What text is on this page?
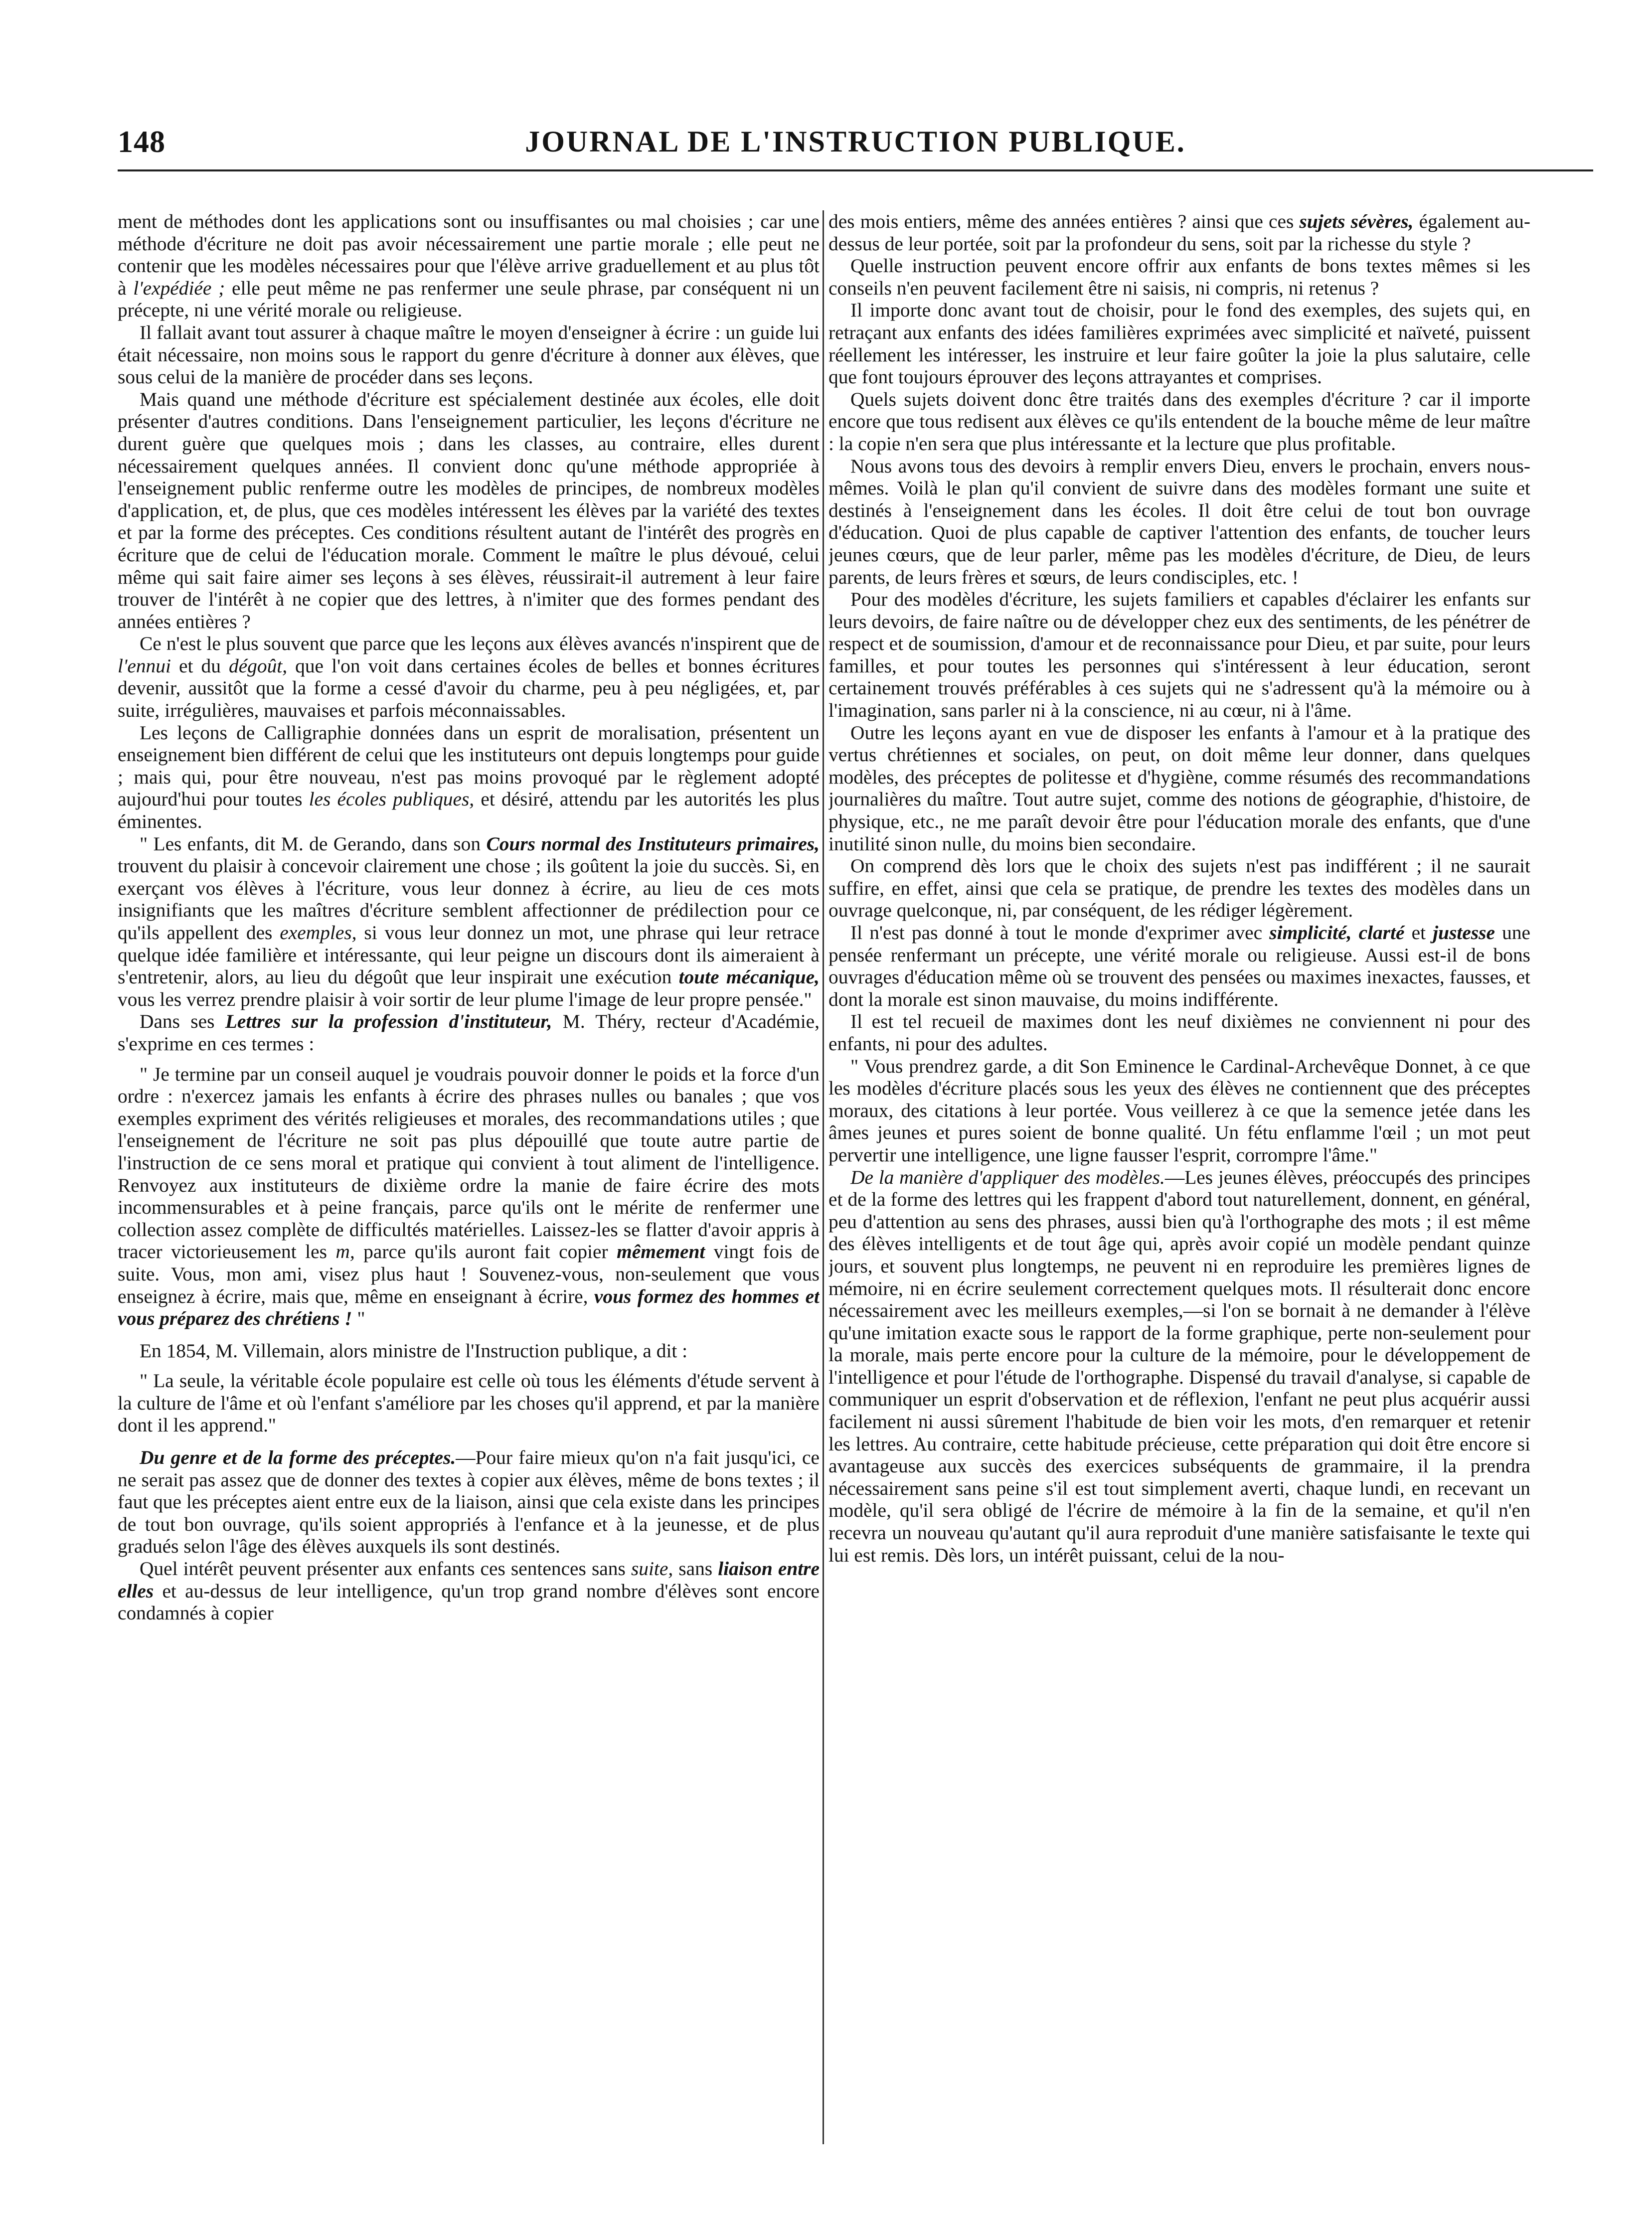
148	JOURNAL DE L'INSTRUCTION PUBLIQUE.

ment de méthodes dont les applications sont ou insuffisantes ou mal choisies ; car une méthode d'écriture ne doit pas avoir nécessairement une partie morale ; elle peut ne contenir que les modèles nécessaires pour que l'élève arrive graduellement et au plus tôt à l'expédiée ; elle peut même ne pas renfermer une seule phrase, par conséquent ni un précepte, ni une vérité morale ou religieuse.

Il fallait avant tout assurer à chaque maître le moyen d'enseigner à écrire : un guide lui était nécessaire, non moins sous le rapport du genre d'écriture à donner aux élèves, que sous celui de la manière de procéder dans ses leçons.

Mais quand une méthode d'écriture est spécialement destinée aux écoles, elle doit présenter d'autres conditions. Dans l'enseignement particulier, les leçons d'écriture ne durent guère que quelques mois ; dans les classes, au contraire, elles durent nécessairement quelques années. Il convient donc qu'une méthode appropriée à l'enseignement public renferme outre les modèles de principes, de nombreux modèles d'application, et, de plus, que ces modèles intéressent les élèves par la variété des textes et par la forme des préceptes. Ces conditions résultent autant de l'intérêt des progrès en écriture que de celui de l'éducation morale. Comment le maître le plus dévoué, celui même qui sait faire aimer ses leçons à ses élèves, réussirait-il autrement à leur faire trouver de l'intérêt à ne copier que des lettres, à n'imiter que des formes pendant des années entières ?

Ce n'est le plus souvent que parce que les leçons aux élèves avancés n'inspirent que de l'ennui et du dégoût, que l'on voit dans certaines écoles de belles et bonnes écritures devenir, aussitôt que la forme a cessé d'avoir du charme, peu à peu négligées, et, par suite, irrégulières, mauvaises et parfois méconnaissables.

Les leçons de Calligraphie données dans un esprit de moralisation, présentent un enseignement bien différent de celui que les instituteurs ont depuis longtemps pour guide ; mais qui, pour être nouveau, n'est pas moins provoqué par le règlement adopté aujourd'hui pour toutes les écoles publiques, et désiré, attendu par les autorités les plus éminentes.

" Les enfants, dit M. de Gerando, dans son Cours normal des Instituteurs primaires, trouvent du plaisir à concevoir clairement une chose ; ils goûtent la joie du succès. Si, en exerçant vos élèves à l'écriture, vous leur donnez à écrire, au lieu de ces mots insignifiants que les maîtres d'écriture semblent affectionner de prédilection pour ce qu'ils appellent des exemples, si vous leur donnez un mot, une phrase qui leur retrace quelque idée familière et intéressante, qui leur peigne un discours dont ils aimeraient à s'entretenir, alors, au lieu du dégoût que leur inspirait une exécution toute mécanique, vous les verrez prendre plaisir à voir sortir de leur plume l'image de leur propre pensée."

Dans ses Lettres sur la profession d'instituteur, M. Théry, recteur d'Académie, s'exprime en ces termes :

" Je termine par un conseil auquel je voudrais pouvoir donner le poids et la force d'un ordre : n'exercez jamais les enfants à écrire des phrases nulles ou banales ; que vos exemples expriment des vérités religieuses et morales, des recommandations utiles ; que l'enseignement de l'écriture ne soit pas plus dépouillé que toute autre partie de l'instruction de ce sens moral et pratique qui convient à tout aliment de l'intelligence. Renvoyez aux instituteurs de dixième ordre la manie de faire écrire des mots incommensurables et à peine français, parce qu'ils ont le mérite de renfermer une collection assez complète de difficultés matérielles. Laissez-les se flatter d'avoir appris à tracer victorieusement les m, parce qu'ils auront fait copier mêmement vingt fois de suite. Vous, mon ami, visez plus haut ! Souvenez-vous, non-seulement que vous enseignez à écrire, mais que, même en enseignant à écrire, vous formez des hommes et vous préparez des chrétiens ! "

En 1854, M. Villemain, alors ministre de l'Instruction publique, a dit :

" La seule, la véritable école populaire est celle où tous les éléments d'étude servent à la culture de l'âme et où l'enfant s'améliore par les choses qu'il apprend, et par la manière dont il les apprend."

Du genre et de la forme des préceptes.—Pour faire mieux qu'on n'a fait jusqu'ici, ce ne serait pas assez que de donner des textes à copier aux élèves, même de bons textes ; il faut que les préceptes aient entre eux de la liaison, ainsi que cela existe dans les principes de tout bon ouvrage, qu'ils soient appropriés à l'enfance et à la jeunesse, et de plus gradués selon l'âge des élèves auxquels ils sont destinés.

Quel intérêt peuvent présenter aux enfants ces sentences sans suite, sans liaison entre elles et au-dessus de leur intelligence, qu'un trop grand nombre d'élèves sont encore condamnés à copier

des mois entiers, même des années entières ? ainsi que ces sujets sévères, également au-dessus de leur portée, soit par la profondeur du sens, soit par la richesse du style ?

Quelle instruction peuvent encore offrir aux enfants de bons textes mêmes si les conseils n'en peuvent facilement être ni saisis, ni compris, ni retenus ?

Il importe donc avant tout de choisir, pour le fond des exemples, des sujets qui, en retraçant aux enfants des idées familières exprimées avec simplicité et naïveté, puissent réellement les intéresser, les instruire et leur faire goûter la joie la plus salutaire, celle que font toujours éprouver des leçons attrayantes et comprises.

Quels sujets doivent donc être traités dans des exemples d'écriture ? car il importe encore que tous redisent aux élèves ce qu'ils entendent de la bouche même de leur maître : la copie n'en sera que plus intéressante et la lecture que plus profitable.

Nous avons tous des devoirs à remplir envers Dieu, envers le prochain, envers nous-mêmes. Voilà le plan qu'il convient de suivre dans des modèles formant une suite et destinés à l'enseignement dans les écoles. Il doit être celui de tout bon ouvrage d'éducation. Quoi de plus capable de captiver l'attention des enfants, de toucher leurs jeunes cœurs, que de leur parler, même pas les modèles d'écriture, de Dieu, de leurs parents, de leurs frères et sœurs, de leurs condisciples, etc. !

Pour des modèles d'écriture, les sujets familiers et capables d'éclairer les enfants sur leurs devoirs, de faire naître ou de développer chez eux des sentiments, de les pénétrer de respect et de soumission, d'amour et de reconnaissance pour Dieu, et par suite, pour leurs familles, et pour toutes les personnes qui s'intéressent à leur éducation, seront certainement trouvés préférables à ces sujets qui ne s'adressent qu'à la mémoire ou à l'imagination, sans parler ni à la conscience, ni au cœur, ni à l'âme.

Outre les leçons ayant en vue de disposer les enfants à l'amour et à la pratique des vertus chrétiennes et sociales, on peut, on doit même leur donner, dans quelques modèles, des préceptes de politesse et d'hygiène, comme résumés des recommandations journalières du maître. Tout autre sujet, comme des notions de géographie, d'histoire, de physique, etc., ne me paraît devoir être pour l'éducation morale des enfants, que d'une inutilité sinon nulle, du moins bien secondaire.

On comprend dès lors que le choix des sujets n'est pas indifférent ; il ne saurait suffire, en effet, ainsi que cela se pratique, de prendre les textes des modèles dans un ouvrage quelconque, ni, par conséquent, de les rédiger légèrement.

Il n'est pas donné à tout le monde d'exprimer avec simplicité, clarté et justesse une pensée renfermant un précepte, une vérité morale ou religieuse. Aussi est-il de bons ouvrages d'éducation même où se trouvent des pensées ou maximes inexactes, fausses, et dont la morale est sinon mauvaise, du moins indifférente.

Il est tel recueil de maximes dont les neuf dixièmes ne conviennent ni pour des enfants, ni pour des adultes.

" Vous prendrez garde, a dit Son Eminence le Cardinal-Archevêque Donnet, à ce que les modèles d'écriture placés sous les yeux des élèves ne contiennent que des préceptes moraux, des citations à leur portée. Vous veillerez à ce que la semence jetée dans les âmes jeunes et pures soient de bonne qualité. Un fétu enflamme l'œil ; un mot peut pervertir une intelligence, une ligne fausser l'esprit, corrompre l'âme."

De la manière d'appliquer des modèles.—Les jeunes élèves, préoccupés des principes et de la forme des lettres qui les frappent d'abord tout naturellement, donnent, en général, peu d'attention au sens des phrases, aussi bien qu'à l'orthographe des mots ; il est même des élèves intelligents et de tout âge qui, après avoir copié un modèle pendant quinze jours, et souvent plus longtemps, ne peuvent ni en reproduire les premières lignes de mémoire, ni en écrire seulement correctement quelques mots. Il résulterait donc encore nécessairement avec les meilleurs exemples,—si l'on se bornait à ne demander à l'élève qu'une imitation exacte sous le rapport de la forme graphique, perte non-seulement pour la morale, mais perte encore pour la culture de la mémoire, pour le développement de l'intelligence et pour l'étude de l'orthographe. Dispensé du travail d'analyse, si capable de communiquer un esprit d'observation et de réflexion, l'enfant ne peut plus acquérir aussi facilement ni aussi sûrement l'habitude de bien voir les mots, d'en remarquer et retenir les lettres. Au contraire, cette habitude précieuse, cette préparation qui doit être encore si avantageuse aux succès des exercices subséquents de grammaire, il la prendra nécessairement sans peine s'il est tout simplement averti, chaque lundi, en recevant un modèle, qu'il sera obligé de l'écrire de mémoire à la fin de la semaine, et qu'il n'en recevra un nouveau qu'autant qu'il aura reproduit d'une manière satisfaisante le texte qui lui est remis. Dès lors, un intérêt puissant, celui de la nou-
